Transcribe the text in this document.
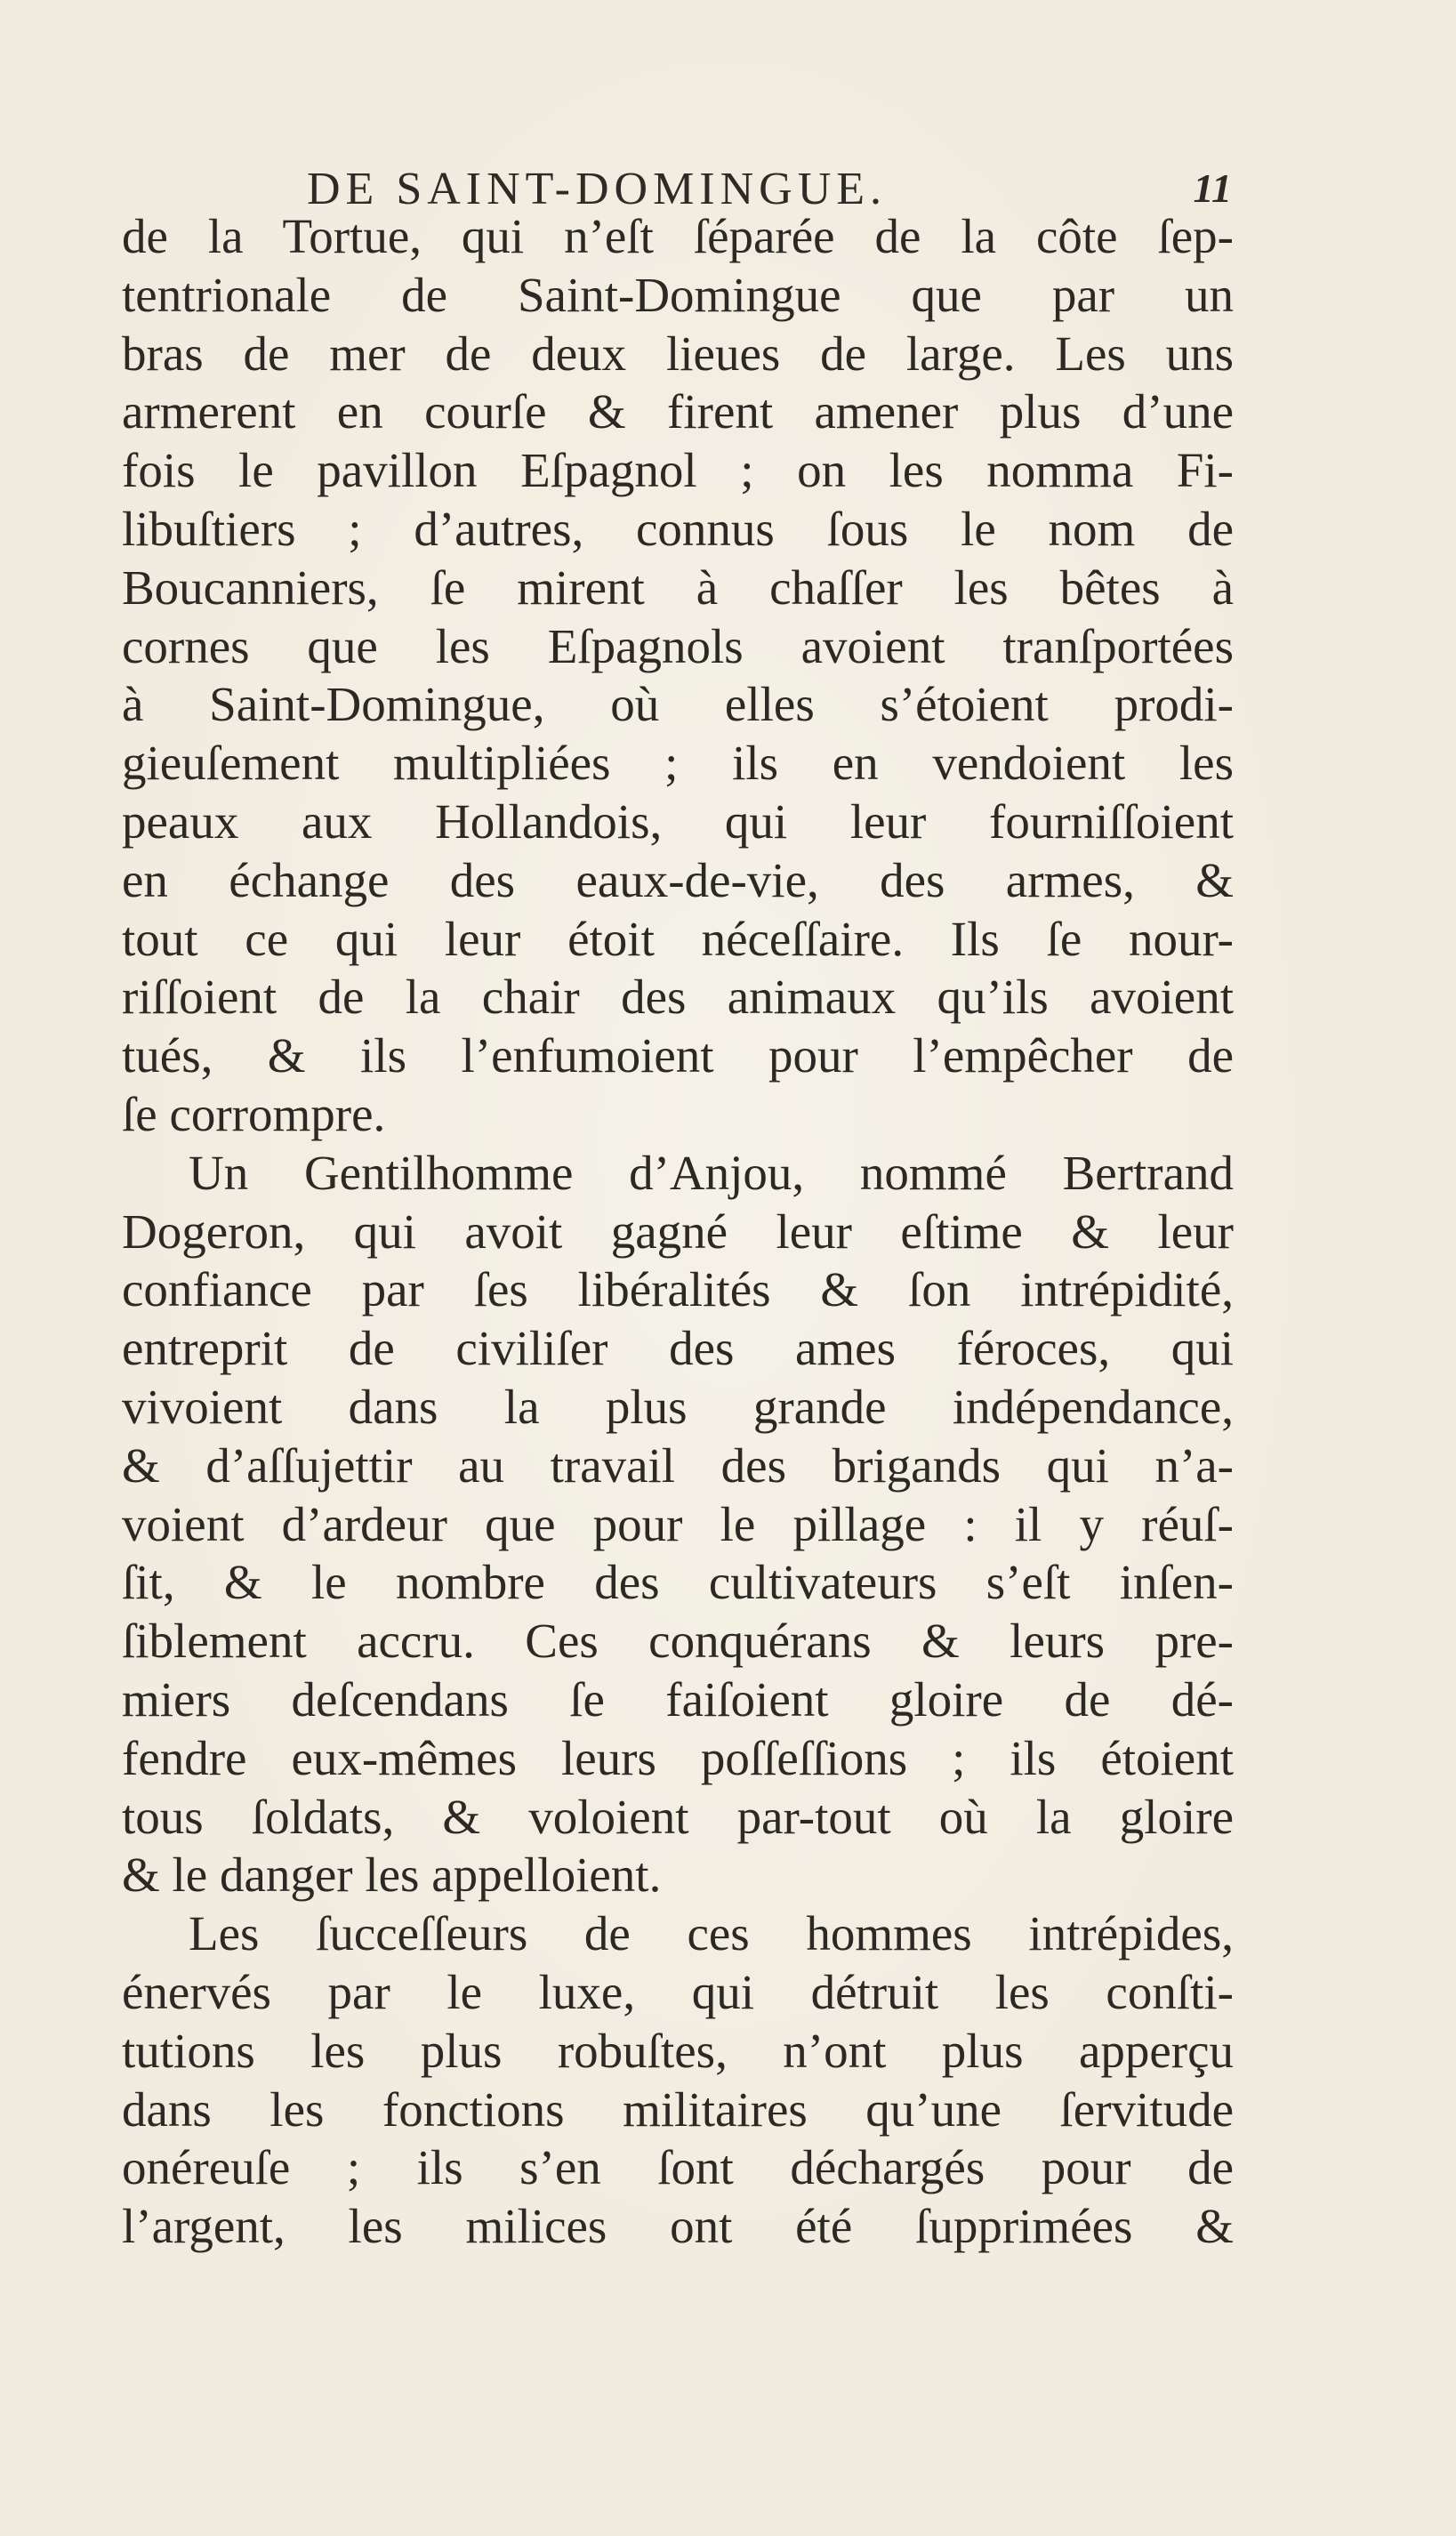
DE SAINT-DOMINGUE.	11
de la Tortue, qui n’eſt ſéparée de la côte ſep-
tentrionale de Saint-Domingue que par un
bras de mer de deux lieues de large. Les uns
armerent en courſe & firent amener plus d’une
fois le pavillon Eſpagnol ; on les nomma Fi-
libuſtiers ; d’autres, connus ſous le nom de
Boucanniers, ſe mirent à chaſſer les bêtes à
cornes que les Eſpagnols avoient tranſportées
à Saint-Domingue, où elles s’étoient prodi-
gieuſement multipliées ; ils en vendoient les
peaux aux Hollandois, qui leur fourniſſoient
en échange des eaux-de-vie, des armes, &
tout ce qui leur étoit néceſſaire. Ils ſe nour-
riſſoient de la chair des animaux qu’ils avoient
tués, & ils l’enfumoient pour l’empêcher de
ſe corrompre.
Un Gentilhomme d’Anjou, nommé Bertrand
Dogeron, qui avoit gagné leur eſtime & leur
confiance par ſes libéralités & ſon intrépidité,
entreprit de civiliſer des ames féroces, qui
vivoient dans la plus grande indépendance,
& d’aſſujettir au travail des brigands qui n’a-
voient d’ardeur que pour le pillage : il y réuſ-
ſit, & le nombre des cultivateurs s’eſt inſen-
ſiblement accru. Ces conquérans & leurs pre-
miers deſcendans ſe faiſoient gloire de dé-
fendre eux-mêmes leurs poſſeſſions ; ils étoient
tous ſoldats, & voloient par-tout où la gloire
& le danger les appelloient.
Les ſucceſſeurs de ces hommes intrépides,
énervés par le luxe, qui détruit les conſti-
tutions les plus robuſtes, n’ont plus apperçu
dans les fonctions militaires qu’une ſervitude
onéreuſe ; ils s’en ſont déchargés pour de
l’argent, les milices ont été ſupprimées &
